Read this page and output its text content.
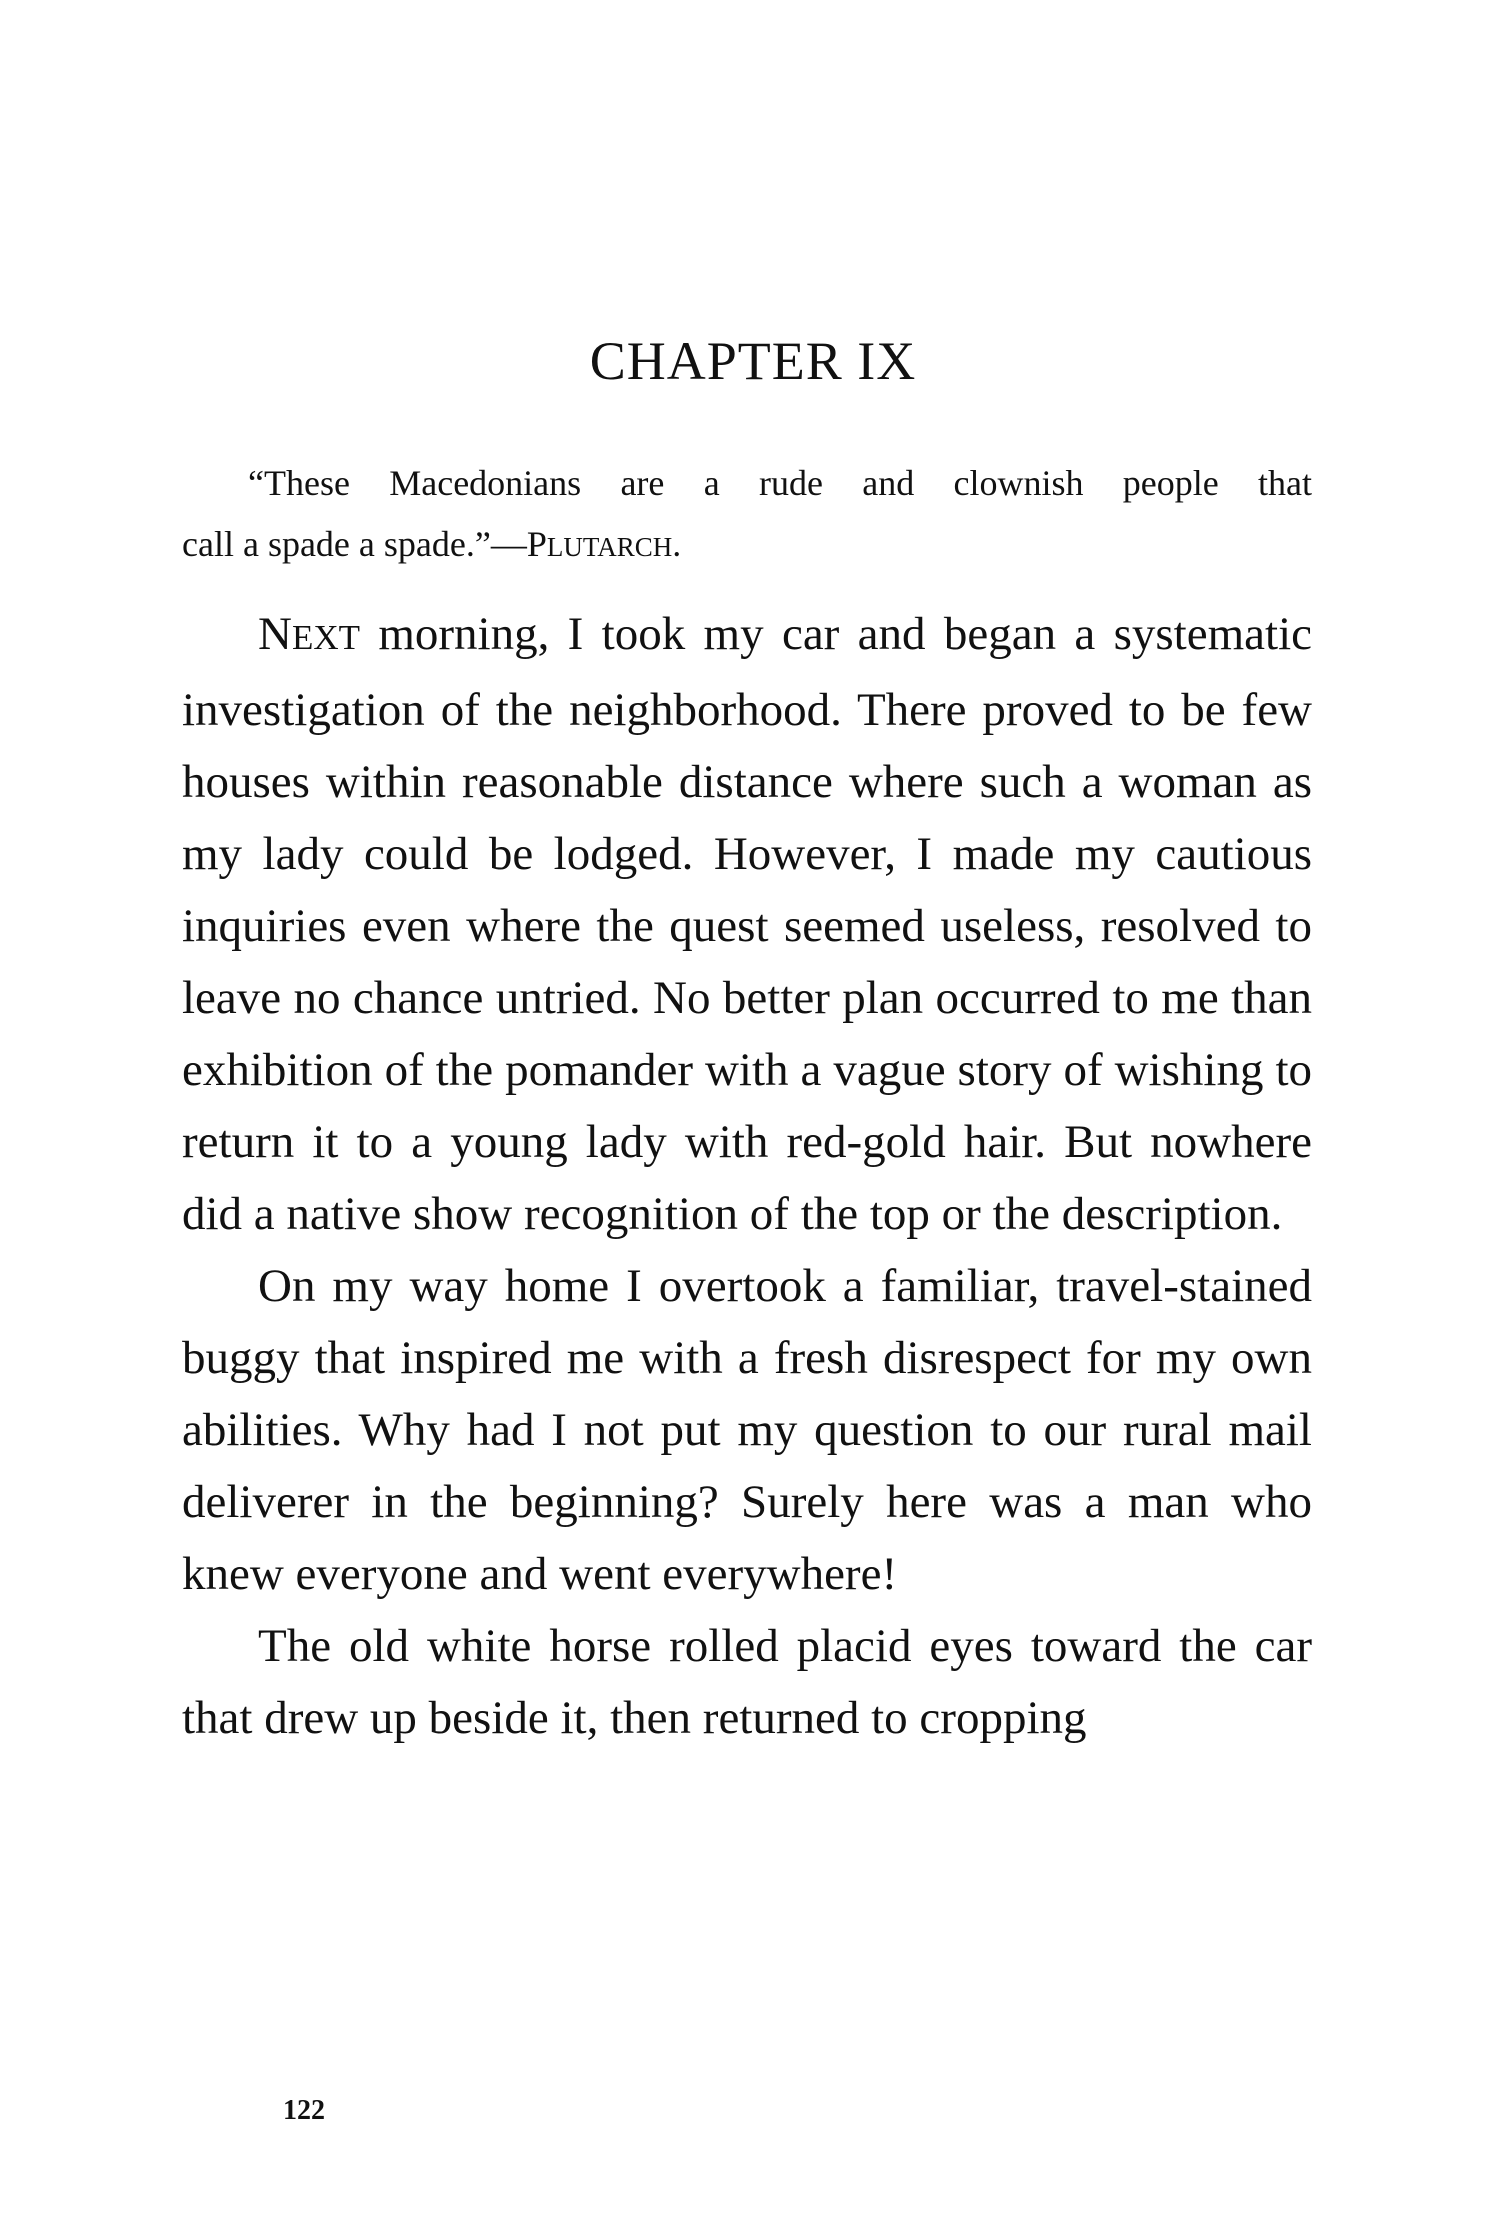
CHAPTER IX
“These Macedonians are a rude and clownish people that
call a spade a spade.”—PLUTARCH.

NEXT morning, I took my car and began a systematic investigation of the neighborhood. There proved to be few houses within reasonable distance where such a woman as my lady could be lodged. However, I made my cautious inquiries even where the quest seemed useless, resolved to leave no chance untried. No better plan occurred to me than exhibition of the pomander with a vague story of wishing to return it to a young lady with red-gold hair. But nowhere did a native show recognition of the top or the description.

On my way home I overtook a familiar, travel-stained buggy that inspired me with a fresh disrespect for my own abilities. Why had I not put my question to our rural mail deliverer in the beginning? Surely here was a man who knew everyone and went everywhere!

The old white horse rolled placid eyes toward the car that drew up beside it, then returned to cropping

122
